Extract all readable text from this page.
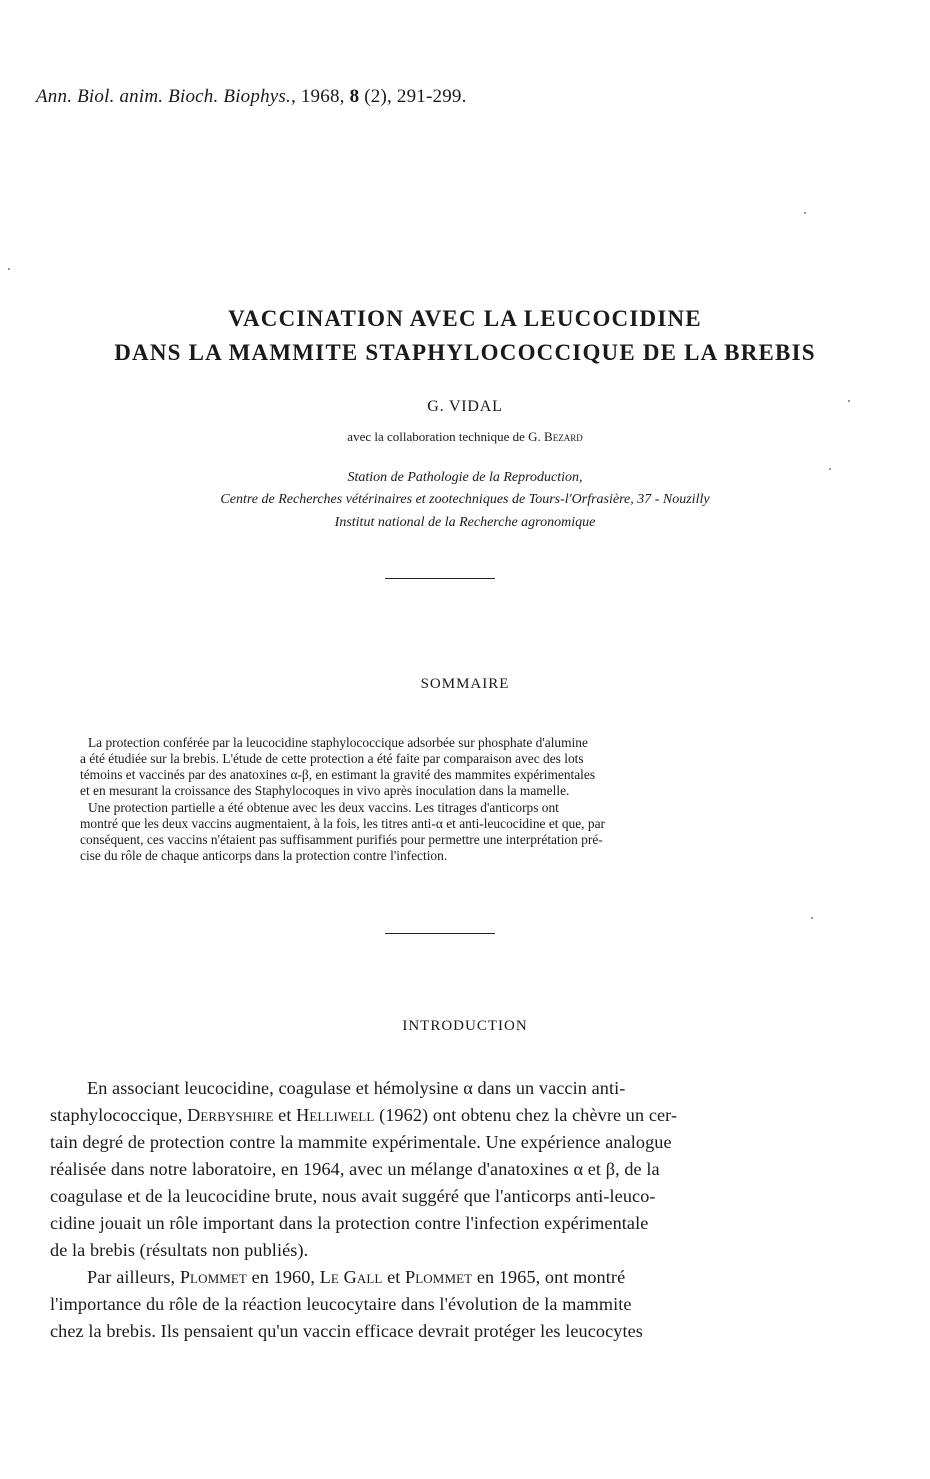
Ann. Biol. anim. Bioch. Biophys., 1968, 8 (2), 291-299.
VACCINATION AVEC LA LEUCOCIDINE
DANS LA MAMMITE STAPHYLOCOCCIQUE DE LA BREBIS
G. VIDAL
avec la collaboration technique de G. Bezard
Station de Pathologie de la Reproduction,
Centre de Recherches vétérinaires et zootechniques de Tours-l'Orfrasière, 37 - Nouzilly
Institut national de la Recherche agronomique
SOMMAIRE
La protection conférée par la leucocidine staphylococcique adsorbée sur phosphate d'alumine
a été étudiée sur la brebis. L'étude de cette protection a été faite par comparaison avec des lots
témoins et vaccinés par des anatoxines α-β, en estimant la gravité des mammites expérimentales
et en mesurant la croissance des Staphylocoques in vivo après inoculation dans la mamelle.
Une protection partielle a été obtenue avec les deux vaccins. Les titrages d'anticorps ont
montré que les deux vaccins augmentaient, à la fois, les titres anti-α et anti-leucocidine et que, par
conséquent, ces vaccins n'étaient pas suffisamment purifiés pour permettre une interprétation pré-
cise du rôle de chaque anticorps dans la protection contre l'infection.
INTRODUCTION
En associant leucocidine, coagulase et hémolysine α dans un vaccin anti-
staphylococcique, Derbyshire et Helliwell (1962) ont obtenu chez la chèvre un cer-
tain degré de protection contre la mammite expérimentale. Une expérience analogue
réalisée dans notre laboratoire, en 1964, avec un mélange d'anatoxines α et β, de la
coagulase et de la leucocidine brute, nous avait suggéré que l'anticorps anti-leuco-
cidine jouait un rôle important dans la protection contre l'infection expérimentale
de la brebis (résultats non publiés).
Par ailleurs, Plommet en 1960, Le Gall et Plommet en 1965, ont montré
l'importance du rôle de la réaction leucocytaire dans l'évolution de la mammite
chez la brebis. Ils pensaient qu'un vaccin efficace devrait protéger les leucocytes
